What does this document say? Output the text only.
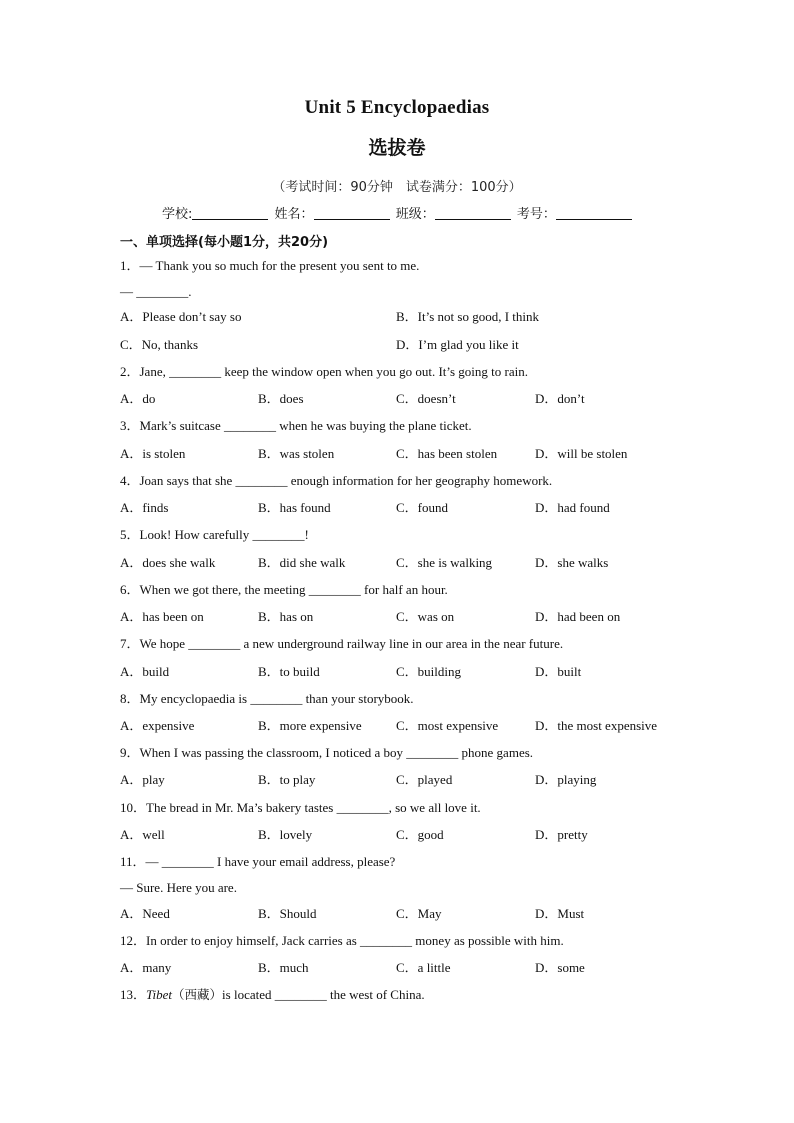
Unit 5 Encyclopaedias
选拔卷
（考试时间：90分钟　试卷满分：100分）
学校:	姓名：	班级：	考号：
一、单项选择(每小题1分，共20分)
1．— Thank you so much for the present you sent to me.
— ________.
A．Please don’t say so	B．It’s not so good, I think
C．No, thanks	D．I’m glad you like it
2．Jane, ________ keep the window open when you go out. It’s going to rain.
A．do	B．does	C．doesn’t	D．don’t
3．Mark’s suitcase ________ when he was buying the plane ticket.
A．is stolen	B．was stolen	C．has been stolen	D．will be stolen
4．Joan says that she ________ enough information for her geography homework.
A．finds	B．has found	C．found	D．had found
5．Look! How carefully ________!
A．does she walk	B．did she walk	C．she is walking	D．she walks
6．When we got there, the meeting ________ for half an hour.
A．has been on	B．has on	C．was on	D．had been on
7．We hope ________ a new underground railway line in our area in the near future.
A．build	B．to build	C．building	D．built
8．My encyclopaedia is ________ than your storybook.
A．expensive	B．more expensive	C．most expensive	D．the most expensive
9．When I was passing the classroom, I noticed a boy ________ phone games.
A．play	B．to play	C．played	D．playing
10．The bread in Mr. Ma’s bakery tastes ________, so we all love it.
A．well	B．lovely	C．good	D．pretty
11．— ________ I have your email address, please?
— Sure. Here you are.
A．Need	B．Should	C．May	D．Must
12．In order to enjoy himself, Jack carries as ________ money as possible with him.
A．many	B．much	C．a little	D．some
13．Tibet（西藏）is located ________ the west of China.
